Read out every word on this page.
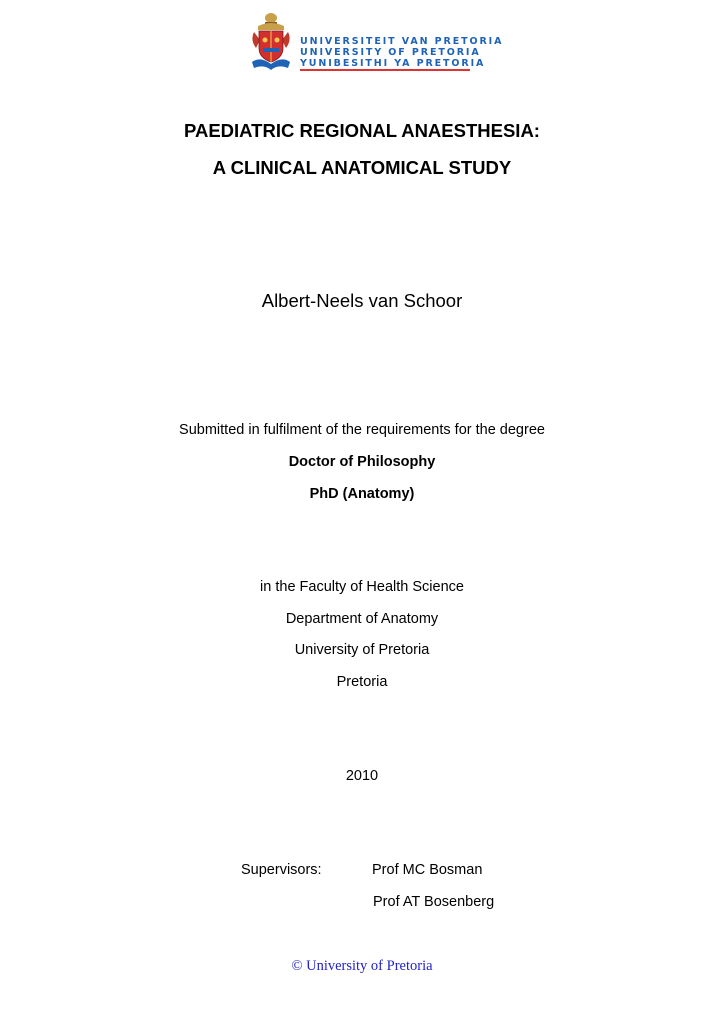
UNIVERSITEIT VAN PRETORIA
UNIVERSITY OF PRETORIA
YUNIBESITHI YA PRETORIA
PAEDIATRIC REGIONAL ANAESTHESIA:
A CLINICAL ANATOMICAL STUDY
Albert-Neels van Schoor
Submitted in fulfilment of the requirements for the degree
Doctor of Philosophy
PhD (Anatomy)
in the Faculty of Health Science
Department of Anatomy
University of Pretoria
Pretoria
2010
Supervisors:	Prof MC Bosman
Prof AT Bosenberg
© University of Pretoria
